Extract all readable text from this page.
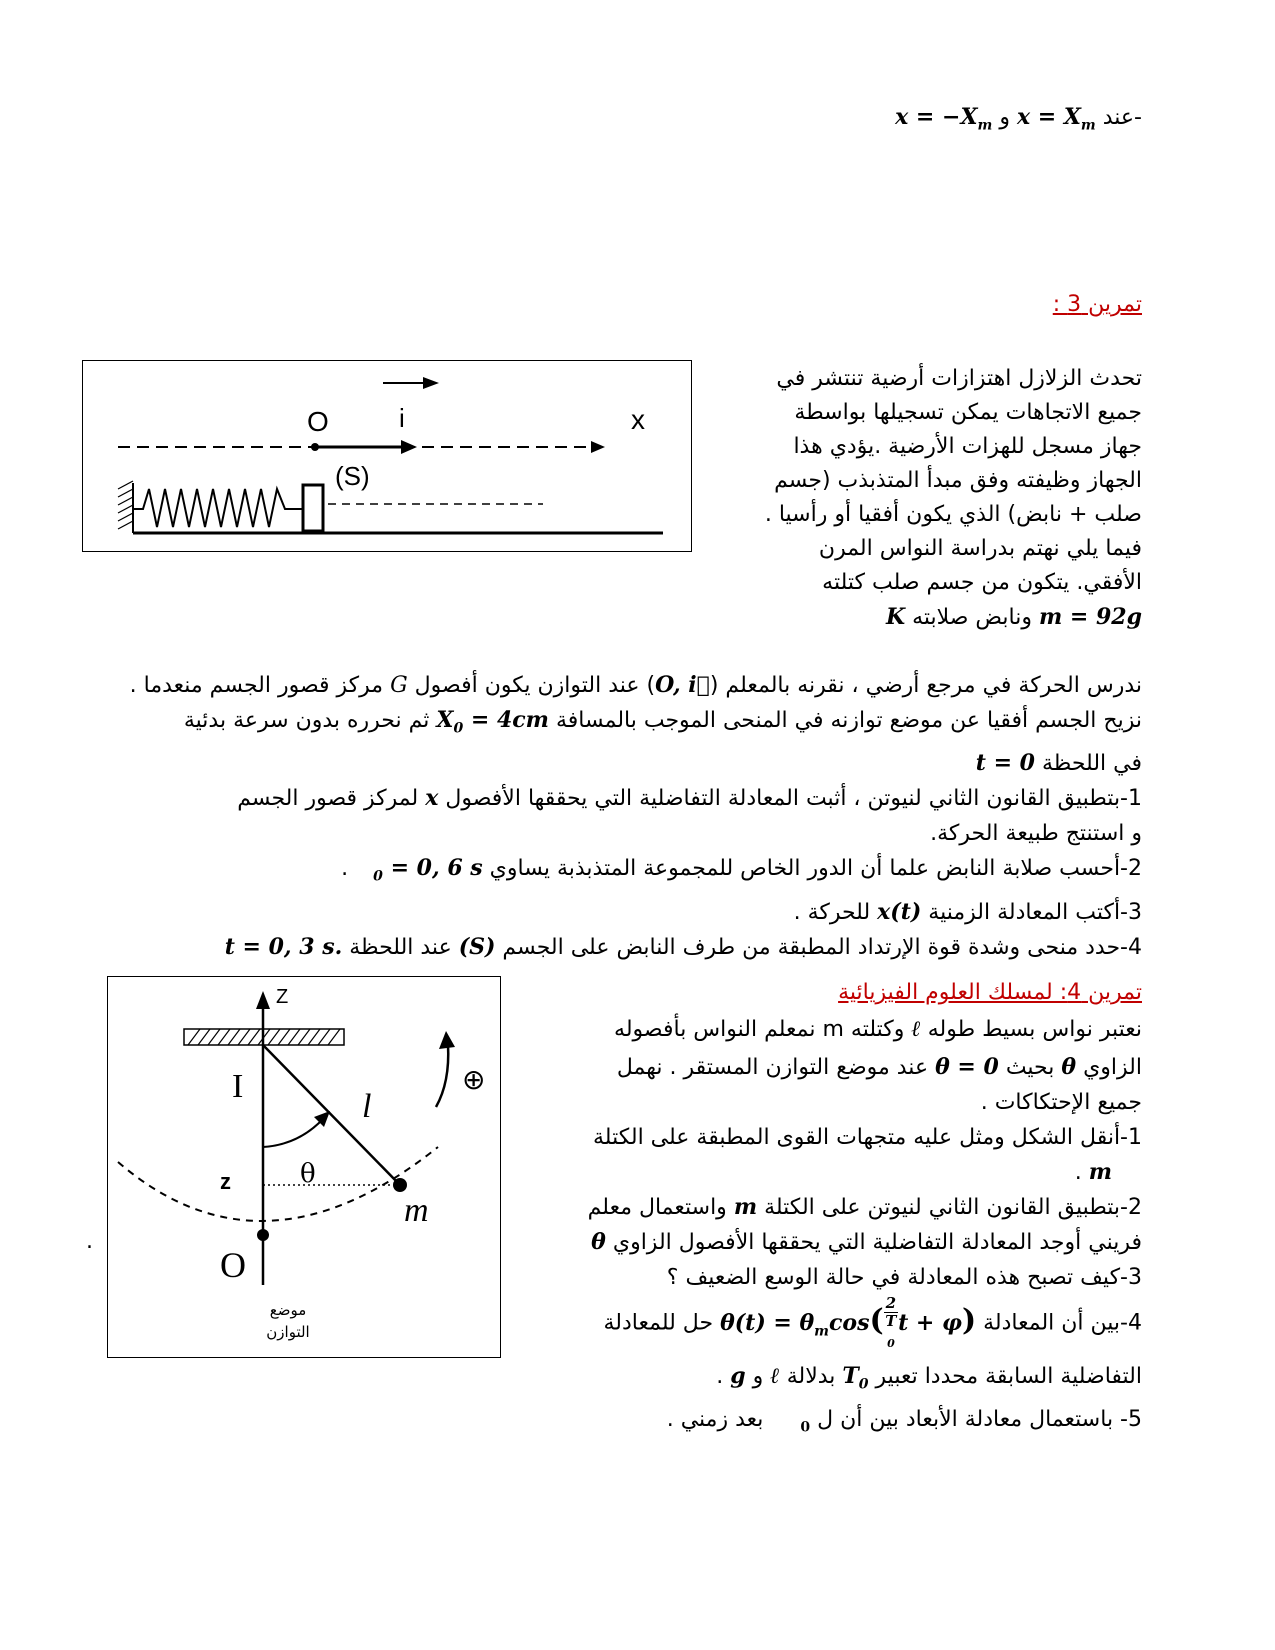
-عند $x = X_m$ و $x = -X_m$
تمرين 3 :
O	i	x
(S)
تحدث الزلازل اهتزازات أرضية تنتشر في
جميع الاتجاهات يمكن تسجيلها بواسطة
جهاز مسجل للهزات الأرضية .يؤدي هذا
الجهاز وظيفته وفق مبدأ المتذبذب (جسم
صلب + نابض) الذي يكون أفقيا أو رأسيا .
فيما يلي نهتم بدراسة النواس المرن
الأفقي. يتكون من جسم صلب كتلته
m = 92g ونابض صلابته K
ندرس الحركة في مرجع أرضي ، نقرنه بالمعلم (O, i⃗) عند التوازن يكون أفصول G مركز قصور الجسم منعدما .
نزيح الجسم أفقيا عن موضع توازنه في المنحى الموجب بالمسافة $X_0 = 4cm$ ثم نحرره بدون سرعة بدئية
في اللحظة t = 0
1-بتطبيق القانون الثاني لنيوتن ، أثبت المعادلة التفاضلية التي يحققها الأفصول x لمركز قصور الجسم
و استنتج طبيعة الحركة.
2-أحسب صلابة النابض علما أن الدور الخاص للمجموعة المتذبذبة يساوي $_0$ = 0, 6 s .
3-أكتب المعادلة الزمنية x(t) للحركة .
4-حدد منحى وشدة قوة الإرتداد المطبقة من طرف النابض على الجسم (S) عند اللحظة t = 0, 3 s.
تمرين 4: لمسلك العلوم الفيزيائية
Z
I
l
θ
z
m
O
⊕
موضع
التوازن
.
نعتبر نواس بسيط طوله ℓ وكتلته m نمعلم النواس بأفصوله
الزاوي θ بحيث θ = 0 عند موضع التوازن المستقر . نهمل
جميع الإحتكاكات .
1-أنقل الشكل ومثل عليه متجهات القوى المطبقة على الكتلة
m .
2-بتطبيق القانون الثاني لنيوتن على الكتلة m واستعمال معلم
فريني أوجد المعادلة التفاضلية التي يحققها الأفصول الزاوي θ
3-كيف تصبح هذه المعادلة في حالة الوسع الضعيف ؟
4-بين أن المعادلة $\theta(t) = \theta_m\cos$( 2
T
$_0$ t + φ) حل للمعادلة
التفاضلية السابقة محددا تعبير $T_0$ بدلالة ℓ و g .
5- باستعمال معادلة الأبعاد بين أن ل $_0$ بعد زمني .
